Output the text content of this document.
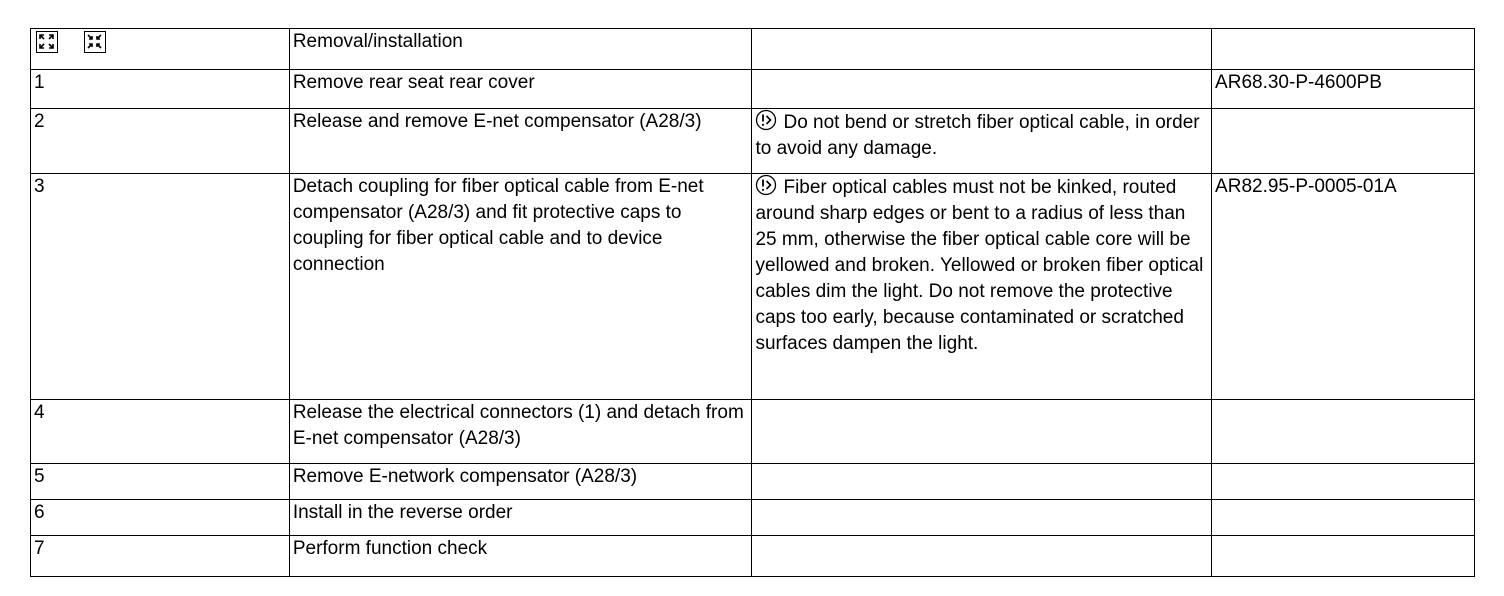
	Removal/installation		
1	Remove rear seat rear cover		AR68.30-P-4600PB
2	Release and remove E-net compensator (A28/3)	Do not bend or stretch fiber optical cable, in order to avoid any damage.	
3	Detach coupling for fiber optical cable from E-net compensator (A28/3) and fit protective caps to coupling for fiber optical cable and to device connection	Fiber optical cables must not be kinked, routed around sharp edges or bent to a radius of less than 25 mm, otherwise the fiber optical cable core will be yellowed and broken. Yellowed or broken fiber optical cables dim the light. Do not remove the protective caps too early, because contaminated or scratched surfaces dampen the light.	AR82.95-P-0005-01A
4	Release the electrical connectors (1) and detach from E-net compensator (A28/3)		
5	Remove E-network compensator (A28/3)		
6	Install in the reverse order		
7	Perform function check		
